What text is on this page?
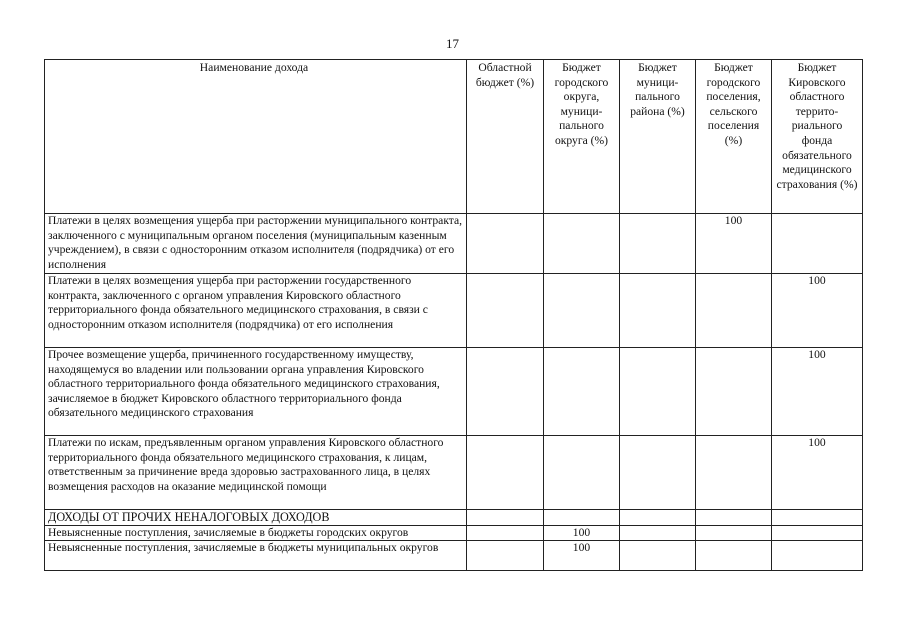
17
Наименование дохода	Областной бюджет (%)	Бюджет городского округа, муници-пального округа (%)	Бюджет муници-пального района (%)	Бюджет городского поселения, сельского поселения (%)	Бюджет Кировского областного террито-риального фонда обязательного медицинского страхования (%)
Платежи в целях возмещения ущерба при расторжении муниципального контракта, заключенного с муниципальным органом поселения (муниципальным казенным учреждением), в связи с односторонним отказом исполнителя (подрядчика) от его исполнения				100	
Платежи в целях возмещения ущерба при расторжении государственного контракта, заключенного с органом управления Кировского областного территориального фонда обязательного медицинского страхования, в связи с односторонним отказом исполнителя (подрядчика) от его исполнения					100
Прочее возмещение ущерба, причиненного государственному имуществу, находящемуся во владении или пользовании органа управления Кировского областного территориального фонда обязательного медицинского страхования, зачисляемое в бюджет Кировского областного территориального фонда обязательного медицинского страхования					100
Платежи по искам, предъявленным органом управления Кировского областного территориального фонда обязательного медицинского страхования, к лицам, ответственным за причинение вреда здоровью застрахованного лица, в целях возмещения расходов на оказание медицинской помощи					100
ДОХОДЫ ОТ ПРОЧИХ НЕНАЛОГОВЫХ ДОХОДОВ					
Невыясненные поступления, зачисляемые в бюджеты городских округов		100			
Невыясненные поступления, зачисляемые в бюджеты муниципальных округов		100			
